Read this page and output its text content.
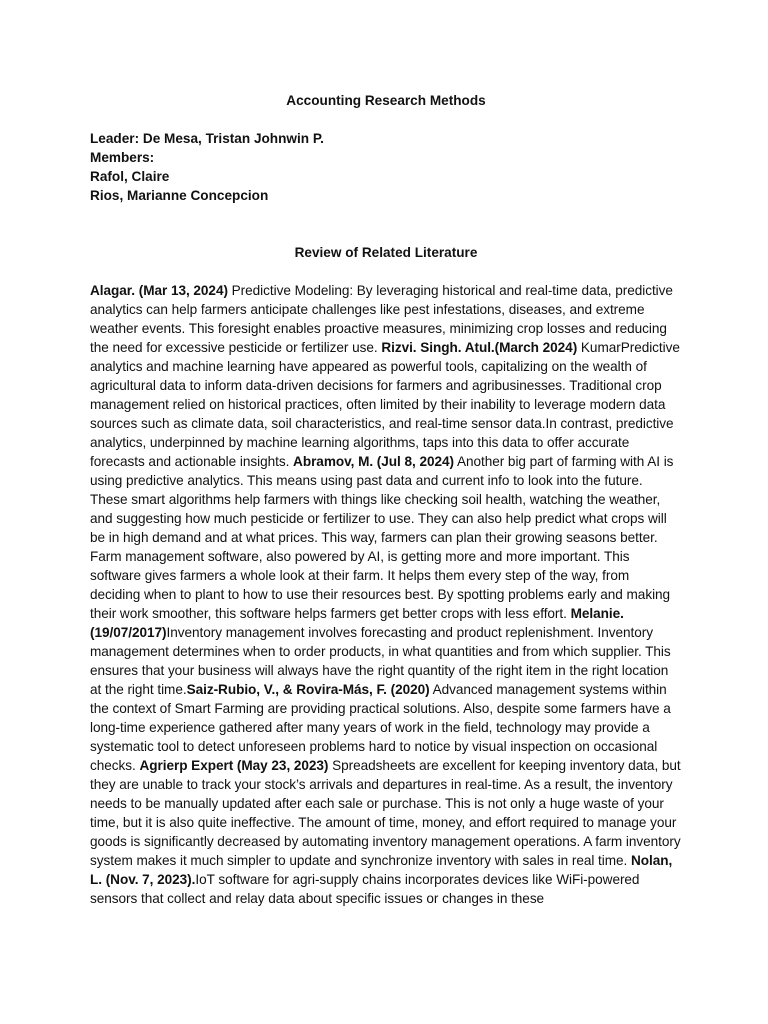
Accounting Research Methods
Leader: De Mesa, Tristan Johnwin P.
Members:
Rafol, Claire
Rios, Marianne Concepcion
Review of Related Literature
Alagar. (Mar 13, 2024) Predictive Modeling: By leveraging historical and real-time data, predictive analytics can help farmers anticipate challenges like pest infestations, diseases, and extreme weather events. This foresight enables proactive measures, minimizing crop losses and reducing the need for excessive pesticide or fertilizer use. Rizvi. Singh. Atul.(March 2024) KumarPredictive analytics and machine learning have appeared as powerful tools, capitalizing on the wealth of agricultural data to inform data-driven decisions for farmers and agribusinesses. Traditional crop management relied on historical practices, often limited by their inability to leverage modern data sources such as climate data, soil characteristics, and real-time sensor data.In contrast, predictive analytics, underpinned by machine learning algorithms, taps into this data to offer accurate forecasts and actionable insights. Abramov, M. (Jul 8, 2024) Another big part of farming with AI is using predictive analytics. This means using past data and current info to look into the future. These smart algorithms help farmers with things like checking soil health, watching the weather, and suggesting how much pesticide or fertilizer to use. They can also help predict what crops will be in high demand and at what prices. This way, farmers can plan their growing seasons better. Farm management software, also powered by AI, is getting more and more important. This software gives farmers a whole look at their farm. It helps them every step of the way, from deciding when to plant to how to use their resources best. By spotting problems early and making their work smoother, this software helps farmers get better crops with less effort. Melanie. (19/07/2017)Inventory management involves forecasting and product replenishment. Inventory management determines when to order products, in what quantities and from which supplier. This ensures that your business will always have the right quantity of the right item in the right location at the right time.Saiz-Rubio, V., & Rovira-Más, F. (2020) Advanced management systems within the context of Smart Farming are providing practical solutions. Also, despite some farmers have a long-time experience gathered after many years of work in the field, technology may provide a systematic tool to detect unforeseen problems hard to notice by visual inspection on occasional checks. Agrierp Expert (May 23, 2023) Spreadsheets are excellent for keeping inventory data, but they are unable to track your stock’s arrivals and departures in real-time. As a result, the inventory needs to be manually updated after each sale or purchase. This is not only a huge waste of your time, but it is also quite ineffective. The amount of time, money, and effort required to manage your goods is significantly decreased by automating inventory management operations. A farm inventory system makes it much simpler to update and synchronize inventory with sales in real time. Nolan, L. (Nov. 7, 2023).IoT software for agri-supply chains incorporates devices like WiFi-powered sensors that collect and relay data about specific issues or changes in these
